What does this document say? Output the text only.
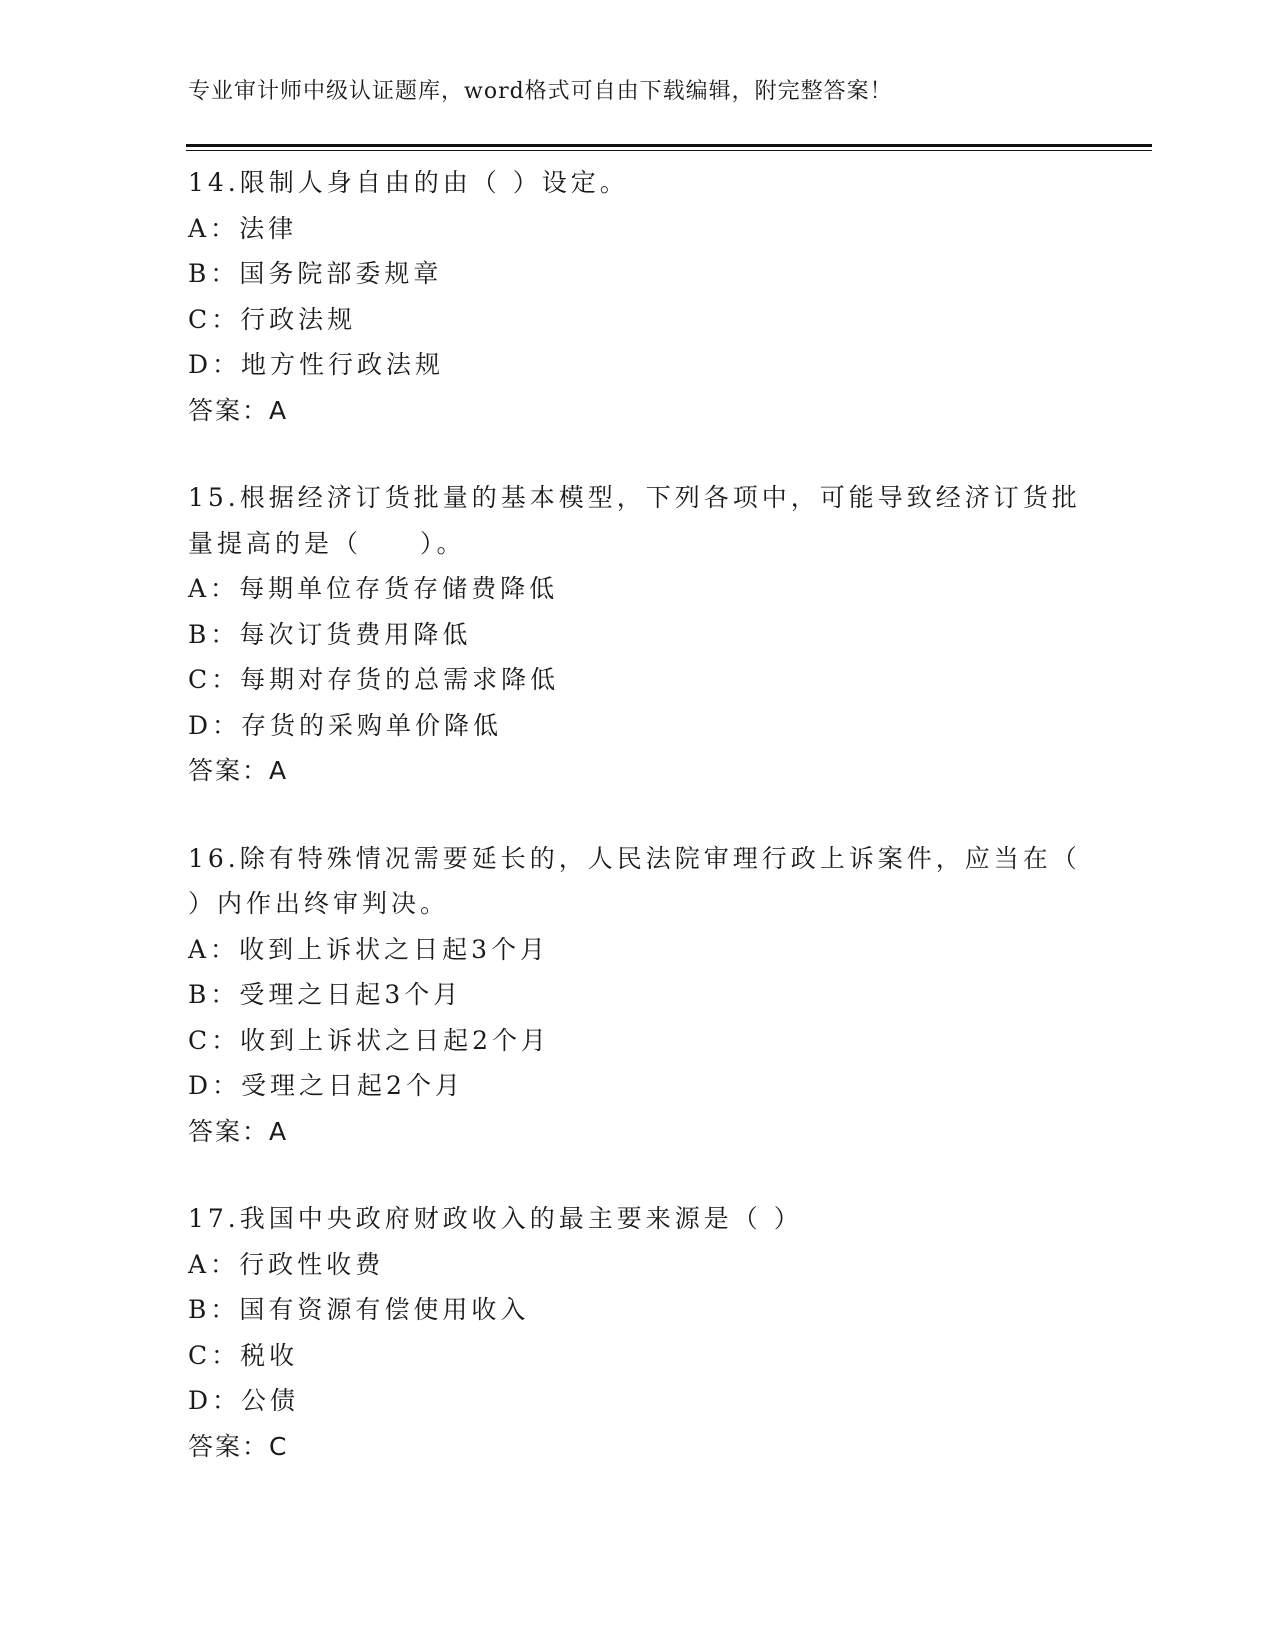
专业审计师中级认证题库，word格式可自由下载编辑，附完整答案！
14.限制人身自由的由（ ）设定。
A：法律
B：国务院部委规章
C：行政法规
D：地方性行政法规
答案：A
15.根据经济订货批量的基本模型，下列各项中，可能导致经济订货批
量提高的是（　　）。
A：每期单位存货存储费降低
B：每次订货费用降低
C：每期对存货的总需求降低
D：存货的采购单价降低
答案：A
16.除有特殊情况需要延长的，人民法院审理行政上诉案件，应当在（
）内作出终审判决。
A：收到上诉状之日起3个月
B：受理之日起3个月
C：收到上诉状之日起2个月
D：受理之日起2个月
答案：A
17.我国中央政府财政收入的最主要来源是（ ）
A：行政性收费
B：国有资源有偿使用收入
C：税收
D：公债
答案：C
